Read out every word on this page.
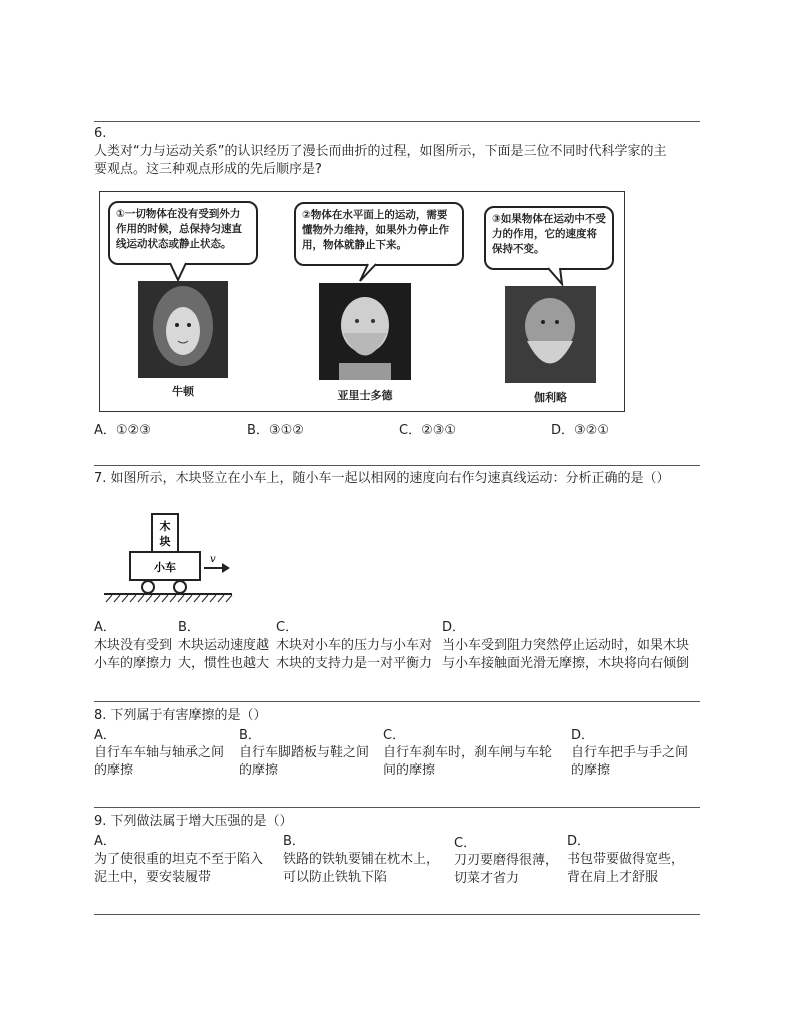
6.
人类对“力与运动关系”的认识经历了漫长而曲折的过程，如图所示，下面是三位不同时代科学家的主
要观点。这三种观点形成的先后顺序是?
①一切物体在没有受到外力作用的时候，总保持匀速直线运动状态或静止状态。
②物体在水平面上的运动，需要懂物外力维持，如果外力停止作用，物体就静止下来。
③如果物体在运动中不受力的作用，它的速度将保持不变。
牛顿	亚里士多德	伽利略
A．①②③	B．③①②	C．②③①	D．③②①
7. 如图所示，木块竖立在小车上，随小车一起以相网的速度向右作匀速真线运动：分析正确的是（）
木
块
小车
v
A．
木块没有受到
小车的摩擦力
B．
木块运动速度越
大，惯性也越大
C．
木块对小车的压力与小车对
木块的支持力是一对平衡力
D．
当小车受到阻力突然停止运动时，如果木块
与小车接触面光滑无摩擦，木块将向右倾倒
8. 下列属于有害摩擦的是（）
A．
自行车车轴与轴承之间
的摩擦
B．
自行车脚踏板与鞋之间
的摩擦
C．
自行车刹车时，刹车闸与车轮
间的摩擦
D．
自行车把手与手之间
的摩擦
9. 下列做法属于增大压强的是（）
A．
为了使很重的坦克不至于陷入
泥土中，要安装履带
B．
铁路的铁轨要铺在枕木上，
可以防止铁轨下陷
C．
刀刃要磨得很薄，
切菜才省力
D．
书包带要做得宽些，
背在肩上才舒服
